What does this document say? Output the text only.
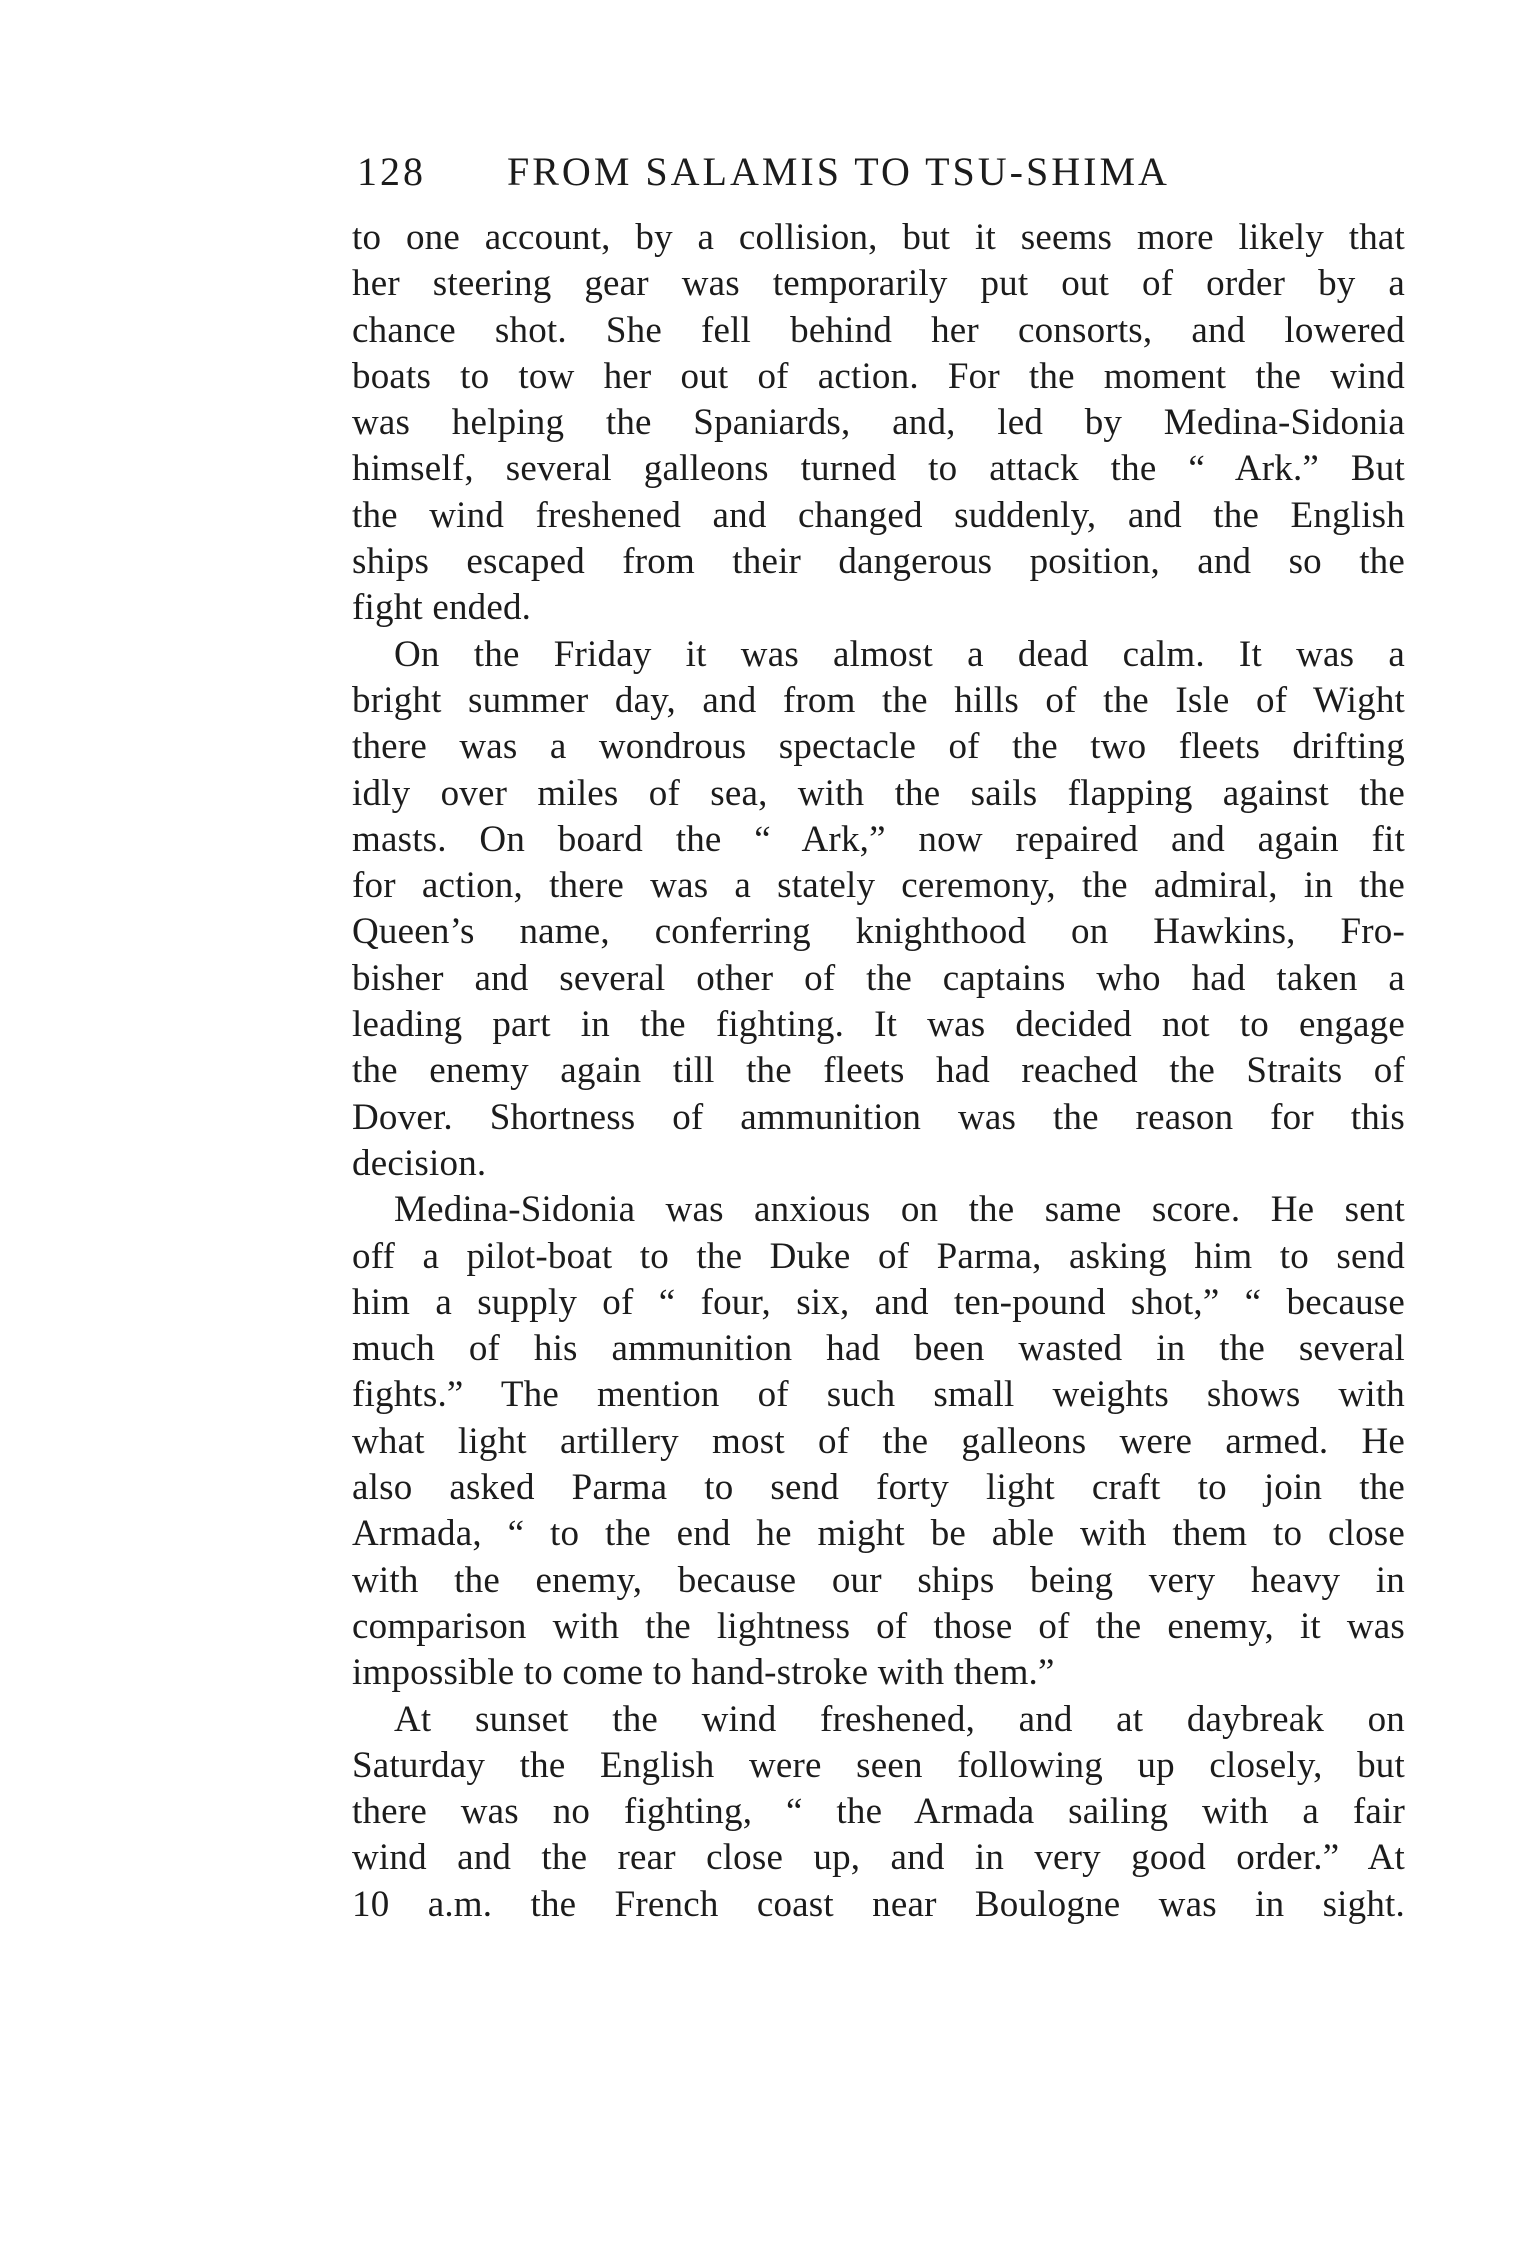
128 FROM SALAMIS TO TSU-SHIMA
to one account, by a collision, but it seems more likely that
her steering gear was temporarily put out of order by a
chance shot. She fell behind her consorts, and lowered
boats to tow her out of action. For the moment the wind
was helping the Spaniards, and, led by Medina-Sidonia
himself, several galleons turned to attack the “ Ark.” But
the wind freshened and changed suddenly, and the English
ships escaped from their dangerous position, and so the
fight ended.
On the Friday it was almost a dead calm. It was a
bright summer day, and from the hills of the Isle of Wight
there was a wondrous spectacle of the two fleets drifting
idly over miles of sea, with the sails flapping against the
masts. On board the “ Ark,” now repaired and again fit
for action, there was a stately ceremony, the admiral, in the
Queen’s name, conferring knighthood on Hawkins, Fro-
bisher and several other of the captains who had taken a
leading part in the fighting. It was decided not to engage
the enemy again till the fleets had reached the Straits of
Dover. Shortness of ammunition was the reason for this
decision.
Medina-Sidonia was anxious on the same score. He sent
off a pilot-boat to the Duke of Parma, asking him to send
him a supply of “ four, six, and ten-pound shot,” “ because
much of his ammunition had been wasted in the several
fights.” The mention of such small weights shows with
what light artillery most of the galleons were armed. He
also asked Parma to send forty light craft to join the
Armada, “ to the end he might be able with them to close
with the enemy, because our ships being very heavy in
comparison with the lightness of those of the enemy, it was
impossible to come to hand-stroke with them.”
At sunset the wind freshened, and at daybreak on
Saturday the English were seen following up closely, but
there was no fighting, “ the Armada sailing with a fair
wind and the rear close up, and in very good order.” At
10 a.m. the French coast near Boulogne was in sight.
